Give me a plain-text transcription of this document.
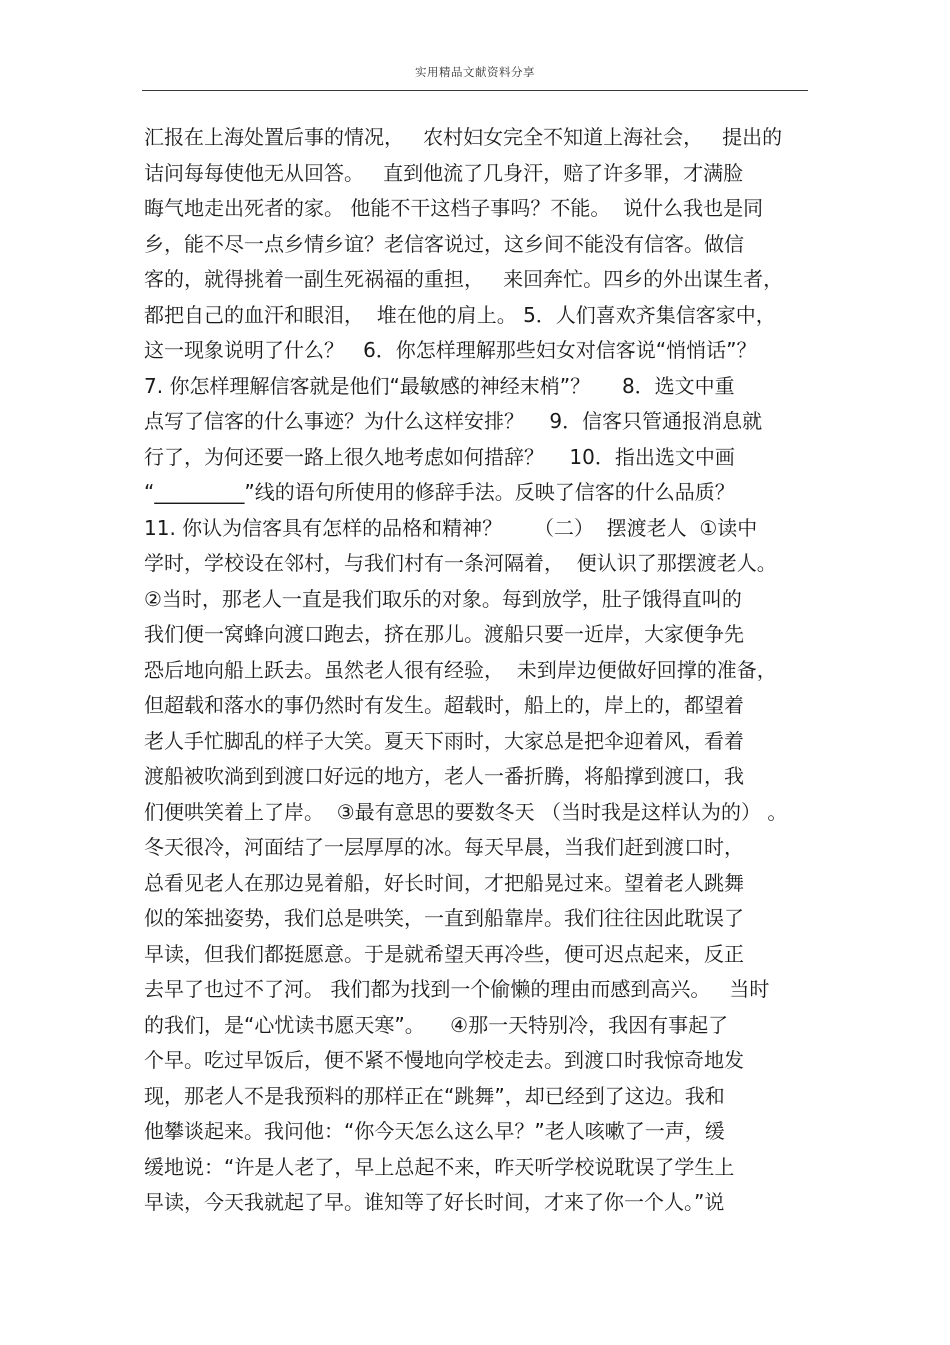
实用精品文献资料分享
汇报在上海处置后事的情况，   农村妇女完全不知道上海社会，   提出的
诘问每每使他无从回答。   直到他流了几身汗，赔了许多罪，才满脸
晦气地走出死者的家。 他能不干这档子事吗？不能。  说什么我也是同
乡，能不尽一点乡情乡谊？老信客说过，这乡间不能没有信客。做信
客的，就得挑着一副生死祸福的重担，   来回奔忙。四乡的外出谋生者，
都把自己的血汗和眼泪，  堆在他的肩上。 5．人们喜欢齐集信客家中，
这一现象说明了什么？   6．你怎样理解那些妇女对信客说“悄悄话”？
7. 你怎样理解信客就是他们“最敏感的神经末梢”？     8．选文中重
点写了信客的什么事迹？为什么这样安排？    9．信客只管通报消息就
行了，为何还要一路上很久地考虑如何措辞？    10．指出选文中画
“_________”线的语句所使用的修辞手法。反映了信客的什么品质？
11. 你认为信客具有怎样的品格和精神？     （二）  摆渡老人  ①读中
学时，学校设在邻村，与我们村有一条河隔着，  便认识了那摆渡老人。
②当时，那老人一直是我们取乐的对象。每到放学，肚子饿得直叫的
我们便一窝蜂向渡口跑去，挤在那儿。渡船只要一近岸，大家便争先
恐后地向船上跃去。虽然老人很有经验，  未到岸边便做好回撑的准备，
但超载和落水的事仍然时有发生。超载时，船上的，岸上的，都望着
老人手忙脚乱的样子大笑。夏天下雨时，大家总是把伞迎着风，看着
渡船被吹淌到到渡口好远的地方，老人一番折腾，将船撑到渡口，我
们便哄笑着上了岸。  ③最有意思的要数冬天 （当时我是这样认为的） 。
冬天很冷，河面结了一层厚厚的冰。每天早晨，当我们赶到渡口时，
总看见老人在那边晃着船，好长时间，才把船晃过来。望着老人跳舞
似的笨拙姿势，我们总是哄笑，一直到船靠岸。我们往往因此耽误了
早读，但我们都挺愿意。于是就希望天再冷些，便可迟点起来，反正
去早了也过不了河。 我们都为找到一个偷懒的理由而感到高兴。   当时
的我们，是“心忧读书愿天寒”。    ④那一天特别冷，我因有事起了
个早。吃过早饭后，便不紧不慢地向学校走去。到渡口时我惊奇地发
现，那老人不是我预料的那样正在“跳舞”，却已经到了这边。我和
他攀谈起来。我问他：“你今天怎么这么早？”老人咳嗽了一声，缓
缓地说：“许是人老了，早上总起不来，昨天听学校说耽误了学生上
早读，今天我就起了早。谁知等了好长时间，才来了你一个人。”说
